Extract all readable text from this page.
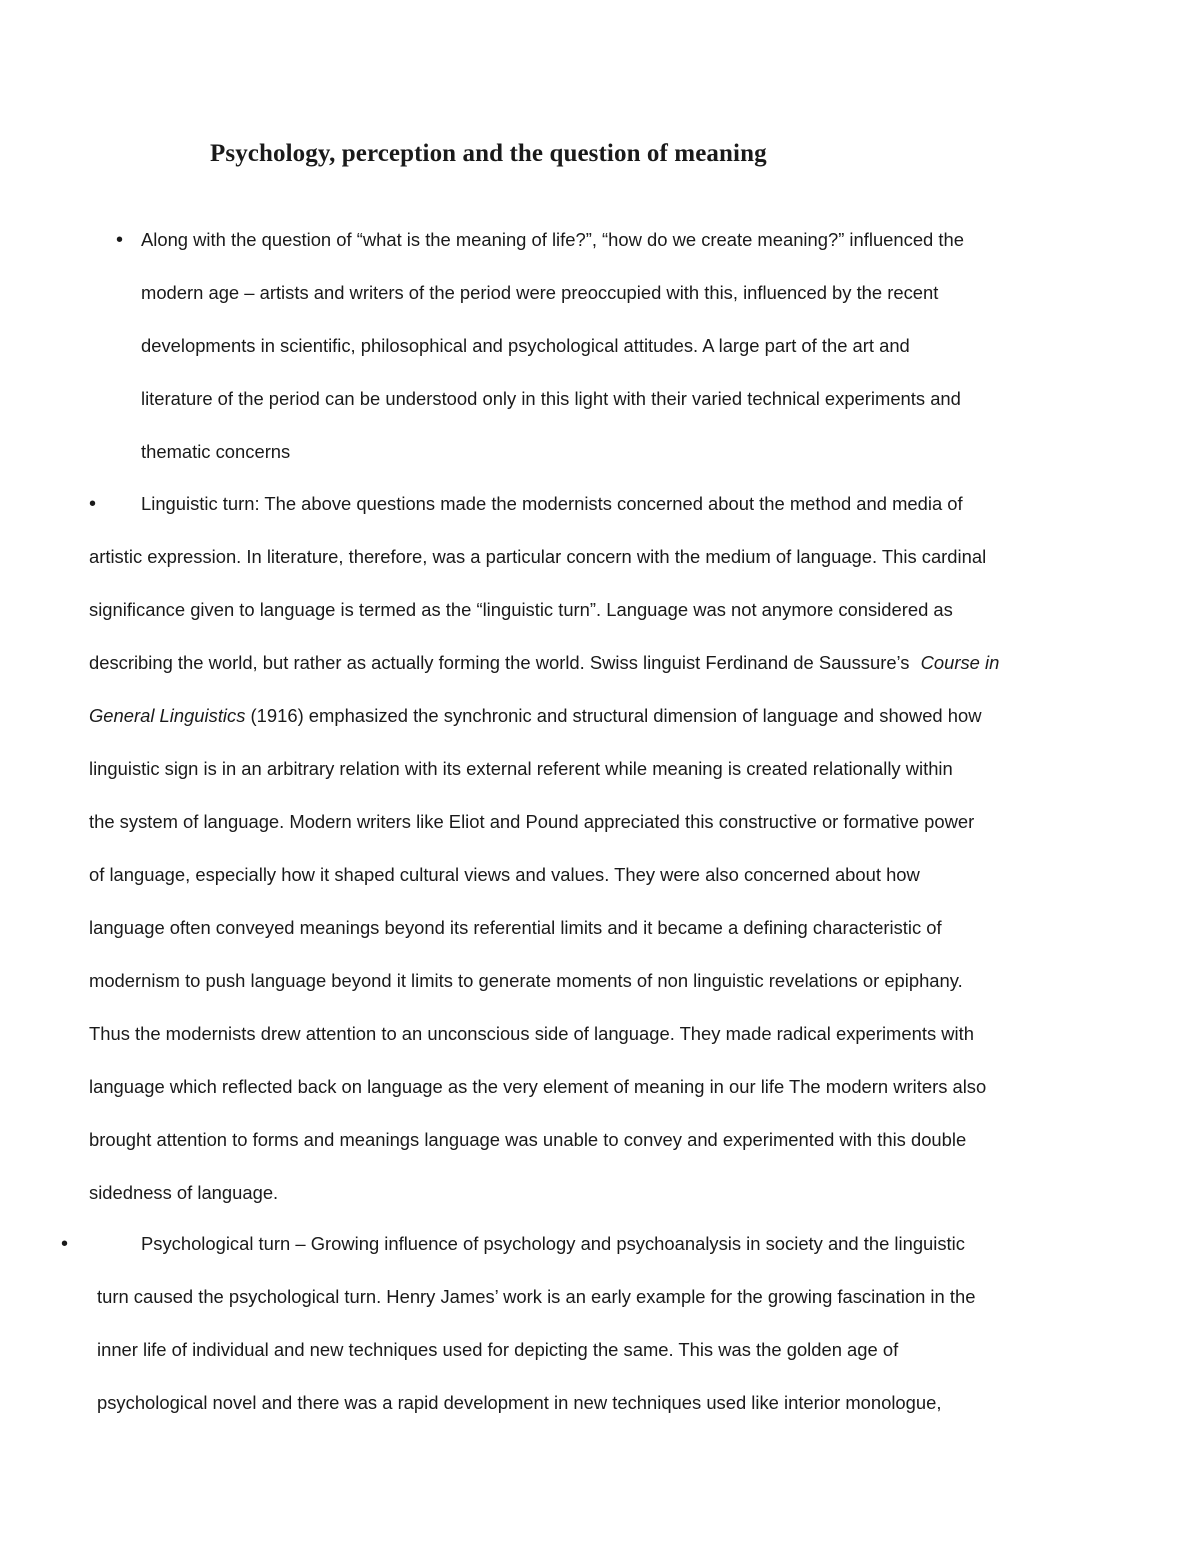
Psychology, perception and the question of meaning
• Along with the question of “what is the meaning of life?”, “how do we create meaning?” influenced the
modern age – artists and writers of the period were preoccupied with this, influenced by the recent
developments in scientific, philosophical and psychological attitudes. A large part of the art and
literature of the period can be understood only in this light with their varied technical experiments and
thematic concerns
• Linguistic turn: The above questions made the modernists concerned about the method and media of
artistic expression. In literature, therefore, was a particular concern with the medium of language. This cardinal
significance given to language is termed as the “linguistic turn”. Language was not anymore considered as
describing the world, but rather as actually forming the world. Swiss linguist Ferdinand de Saussure’s Course in
General Linguistics (1916) emphasized the synchronic and structural dimension of language and showed how
linguistic sign is in an arbitrary relation with its external referent while meaning is created relationally within
the system of language. Modern writers like Eliot and Pound appreciated this constructive or formative power
of language, especially how it shaped cultural views and values. They were also concerned about how
language often conveyed meanings beyond its referential limits and it became a defining characteristic of
modernism to push language beyond it limits to generate moments of non linguistic revelations or epiphany.
Thus the modernists drew attention to an unconscious side of language. They made radical experiments with
language which reflected back on language as the very element of meaning in our life The modern writers also
brought attention to forms and meanings language was unable to convey and experimented with this double
sidedness of language.
•	Psychological turn – Growing influence of psychology and psychoanalysis in society and the linguistic
turn caused the psychological turn. Henry James’ work is an early example for the growing fascination in the
inner life of individual and new techniques used for depicting the same. This was the golden age of
psychological novel and there was a rapid development in new techniques used like interior monologue,
